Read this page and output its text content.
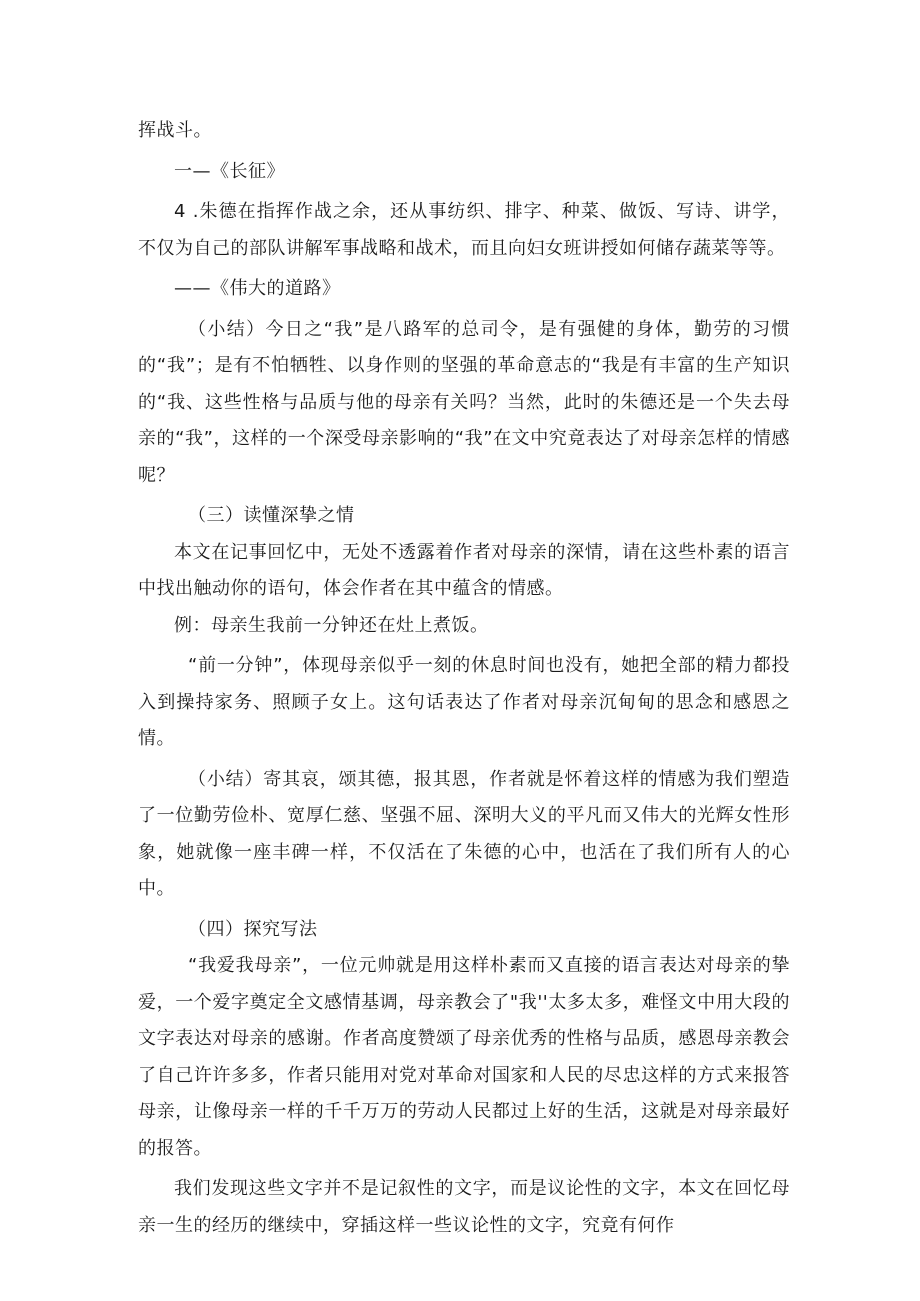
挥战斗。

一—《长征》

4 .朱德在指挥作战之余，还从事纺织、排字、种菜、做饭、写诗、讲学，不仅为自己的部队讲解军事战略和战术，而且向妇女班讲授如何储存蔬菜等等。

——《伟大的道路》

（小结）今日之“我”是八路军的总司令，是有强健的身体，勤劳的习惯的“我”；是有不怕牺牲、以身作则的坚强的革命意志的“我是有丰富的生产知识的“我、这些性格与品质与他的母亲有关吗？当然，此时的朱德还是一个失去母亲的“我”，这样的一个深受母亲影响的“我”在文中究竟表达了对母亲怎样的情感呢？

（三）读懂深挚之情

本文在记事回忆中，无处不透露着作者对母亲的深情，请在这些朴素的语言中找出触动你的语句，体会作者在其中蕴含的情感。

例：母亲生我前一分钟还在灶上煮饭。

“前一分钟”，体现母亲似乎一刻的休息时间也没有，她把全部的精力都投入到操持家务、照顾子女上。这句话表达了作者对母亲沉甸甸的思念和感恩之情。

（小结）寄其哀，颂其德，报其恩，作者就是怀着这样的情感为我们塑造了一位勤劳俭朴、宽厚仁慈、坚强不屈、深明大义的平凡而又伟大的光辉女性形象，她就像一座丰碑一样，不仅活在了朱德的心中，也活在了我们所有人的心中。

（四）探究写法

“我爱我母亲”，一位元帅就是用这样朴素而又直接的语言表达对母亲的挚爱，一个爱字奠定全文感情基调，母亲教会了"我''太多太多，难怪文中用大段的文字表达对母亲的感谢。作者高度赞颂了母亲优秀的性格与品质，感恩母亲教会了自己许许多多，作者只能用对党对革命对国家和人民的尽忠这样的方式来报答母亲，让像母亲一样的千千万万的劳动人民都过上好的生活，这就是对母亲最好的报答。

我们发现这些文字并不是记叙性的文字，而是议论性的文字，本文在回忆母亲一生的经历的继续中，穿插这样一些议论性的文字，究竟有何作
